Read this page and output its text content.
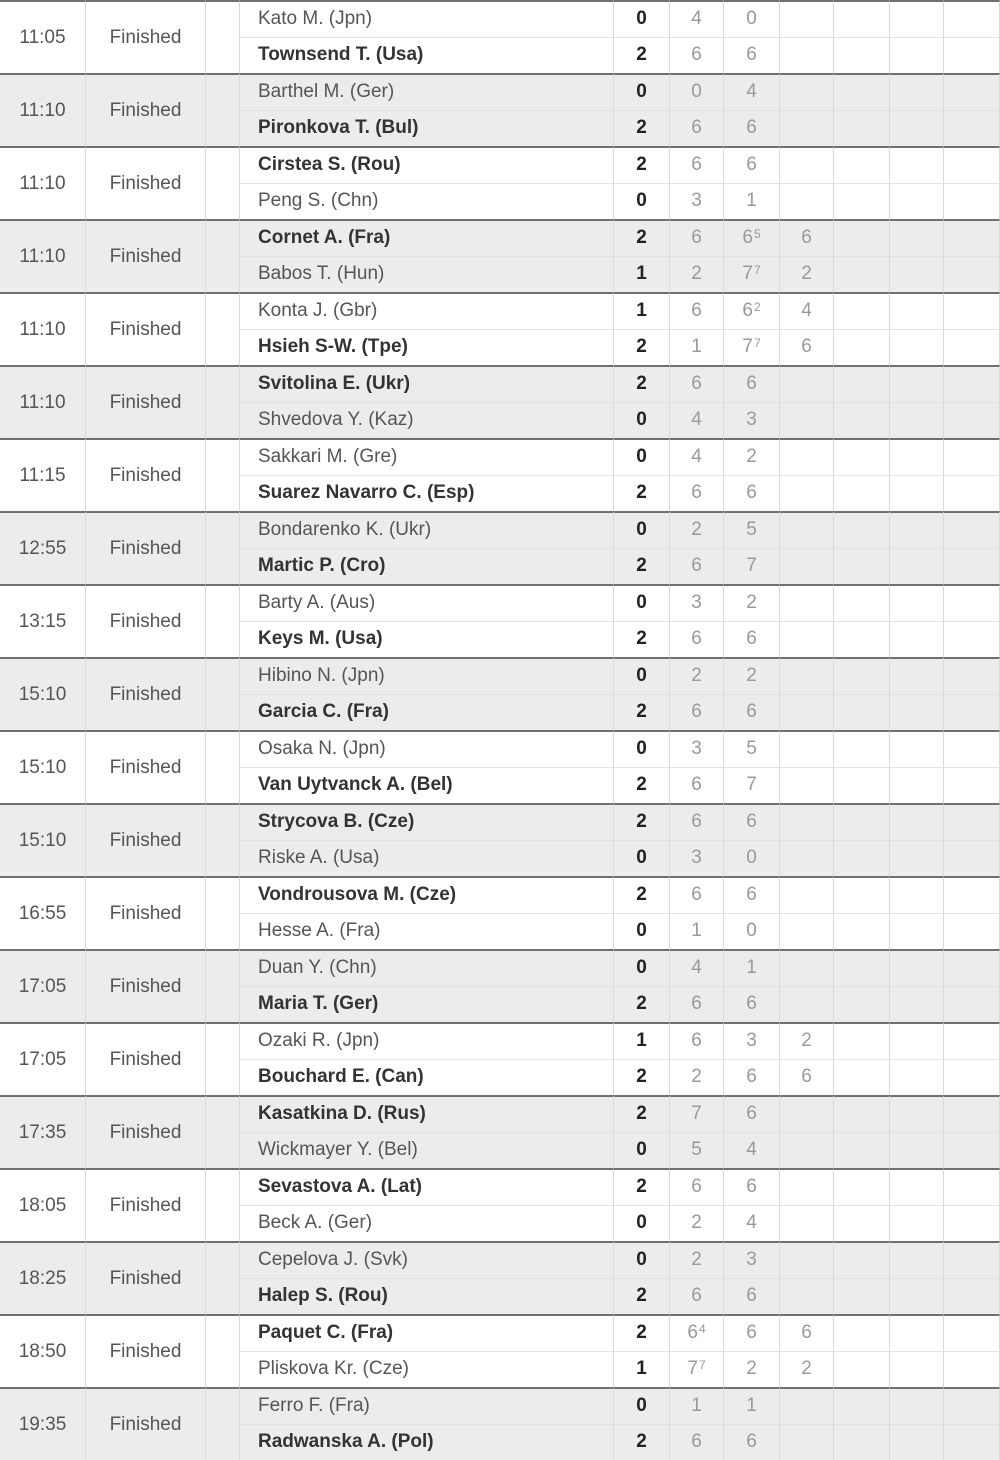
11:05	Finished
Kato M. (Jpn)	0	4 0
Townsend T. (Usa)	2	6 6
11:10	Finished
Barthel M. (Ger)	0	0 4
Pironkova T. (Bul)	2	6 6
11:10	Finished
Cirstea S. (Rou)	2	6 6
Peng S. (Chn)	0	3 1
11:10	Finished
Cornet A. (Fra)	2	6 $6^5$ 6
Babos T. (Hun)	1	2 $7^7$ 2
11:10	Finished
Konta J. (Gbr)	1	6 $6^2$ 4
Hsieh S-W. (Tpe)	2	1 $7^7$ 6
11:10	Finished
Svitolina E. (Ukr)	2	6 6
Shvedova Y. (Kaz)	0	4 3
11:15	Finished
Sakkari M. (Gre)	0	4 2
Suarez Navarro C. (Esp)	2	6 6
12:55	Finished
Bondarenko K. (Ukr)	0	2 5
Martic P. (Cro)	2	6 7
13:15	Finished
Barty A. (Aus)	0	3 2
Keys M. (Usa)	2	6 6
15:10	Finished
Hibino N. (Jpn)	0	2 2
Garcia C. (Fra)	2	6 6
15:10	Finished
Osaka N. (Jpn)	0	3 5
Van Uytvanck A. (Bel)	2	6 7
15:10	Finished
Strycova B. (Cze)	2	6 6
Riske A. (Usa)	0	3 0
16:55	Finished
Vondrousova M. (Cze)	2	6 6
Hesse A. (Fra)	0	1 0
17:05	Finished
Duan Y. (Chn)	0	4 1
Maria T. (Ger)	2	6 6
17:05	Finished
Ozaki R. (Jpn)	1	6 3 2
Bouchard E. (Can)	2	2 6 6
17:35	Finished
Kasatkina D. (Rus)	2	7 6
Wickmayer Y. (Bel)	0	5 4
18:05	Finished
Sevastova A. (Lat)	2	6 6
Beck A. (Ger)	0	2 4
18:25	Finished
Cepelova J. (Svk)	0	2 3
Halep S. (Rou)	2	6 6
18:50	Finished
Paquet C. (Fra)	2	$6^4$ 6 6
Pliskova Kr. (Cze)	1	$7^7$ 2 2
19:35	Finished
Ferro F. (Fra)	0	1 1
Radwanska A. (Pol)	2	6 6
